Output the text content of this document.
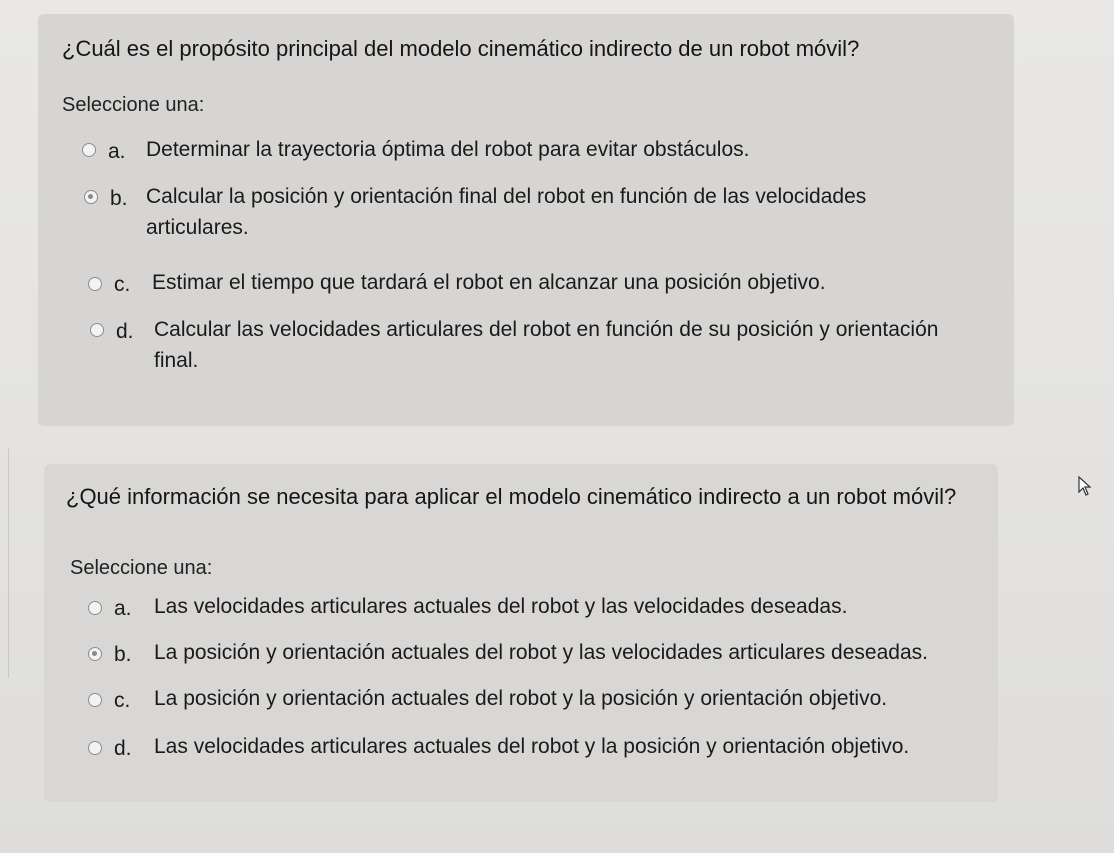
¿Cuál es el propósito principal del modelo cinemático indirecto de un robot móvil?
Seleccione una:
a. Determinar la trayectoria óptima del robot para evitar obstáculos.
b. Calcular la posición y orientación final del robot en función de las velocidades articulares.
c. Estimar el tiempo que tardará el robot en alcanzar una posición objetivo.
d. Calcular las velocidades articulares del robot en función de su posición y orientación final.
¿Qué información se necesita para aplicar el modelo cinemático indirecto a un robot móvil?
Seleccione una:
a. Las velocidades articulares actuales del robot y las velocidades deseadas.
b. La posición y orientación actuales del robot y las velocidades articulares deseadas.
c. La posición y orientación actuales del robot y la posición y orientación objetivo.
d. Las velocidades articulares actuales del robot y la posición y orientación objetivo.
